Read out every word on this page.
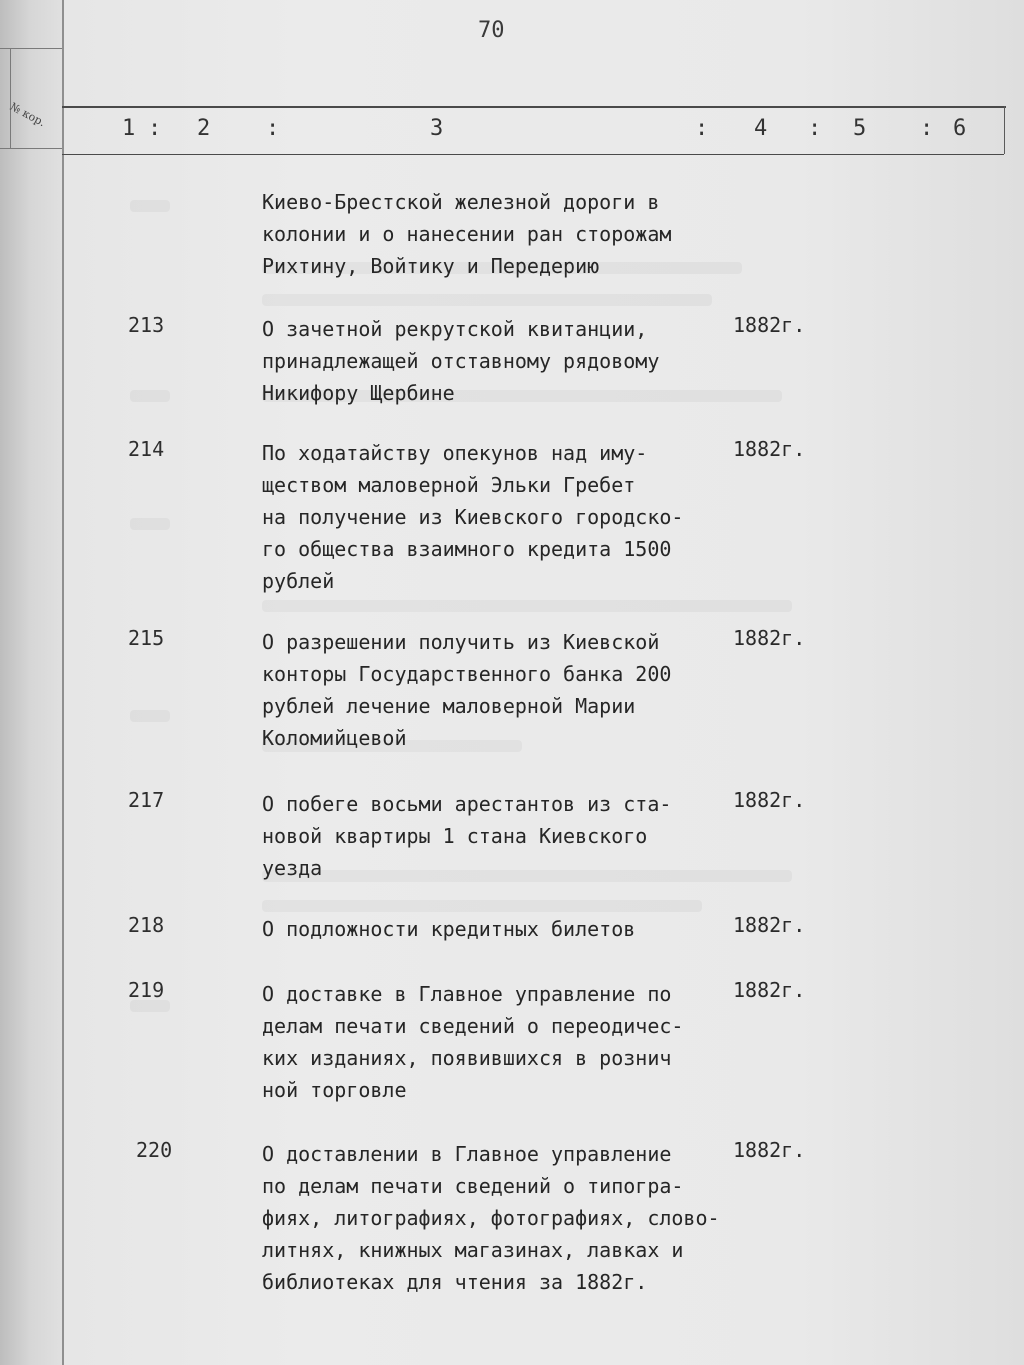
№ кор.
70
1 : 2	:	3	: 4 : 5 : 6
Киево-Брестской железной дороги в
колонии и о нанесении ран сторожам
Рихтину, Войтику и Передерию
213	О зачетной рекрутской квитанции,
принадлежащей отставному рядовому
Никифору Щербине
1882г.
214	По ходатайству опекунов над иму-
ществом маловерной Эльки Гребет
на получение из Киевского городско-
го общества взаимного кредита 1500
рублей
1882г.
215	О разрешении получить из Киевской
конторы Государственного банка 200
рублей лечение маловерной Марии
Коломийцевой
1882г.
217	О побеге восьми арестантов из ста-
новой квартиры 1 стана Киевского
уезда
1882г.
218	О подложности кредитных билетов	1882г.
219	О доставке в Главное управление по
делам печати сведений о переодичес-
ких изданиях, появившихся в рознич
ной торговле
1882г.
220	О доставлении в Главное управление
по делам печати сведений о типогра-
фиях, литографиях, фотографиях, слово-
литнях, книжных магазинах, лавках и
библиотеках для чтения за 1882г.
1882г.
